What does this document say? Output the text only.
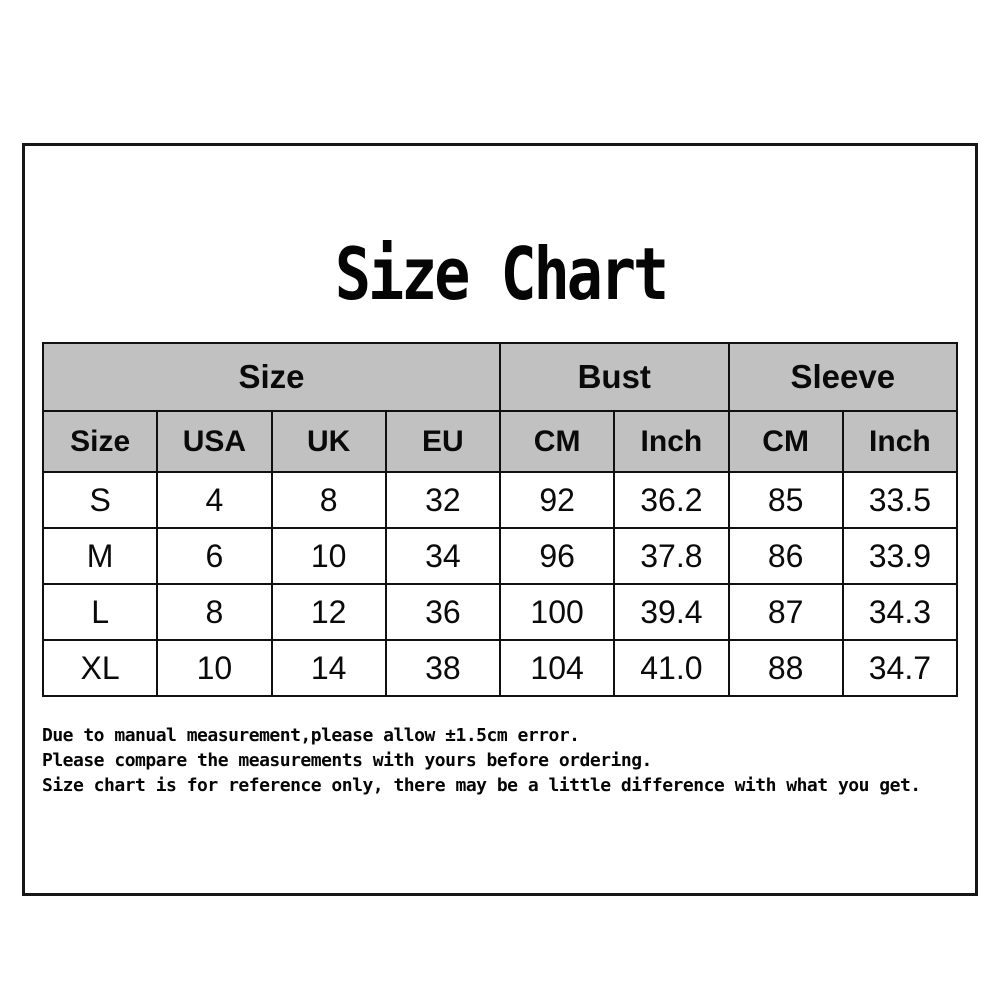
Size Chart
Size				Bust		Sleeve	
Size	USA	UK	EU	CM	Inch	CM	Inch
S	4	8	32	92	36.2	85	33.5
M	6	10	34	96	37.8	86	33.9
L	8	12	36	100	39.4	87	34.3
XL	10	14	38	104	41.0	88	34.7

Due to manual measurement,please allow ±1.5cm error.

Please compare the measurements with yours before ordering.

Size chart is for reference only, there may be a little difference with what you get.
